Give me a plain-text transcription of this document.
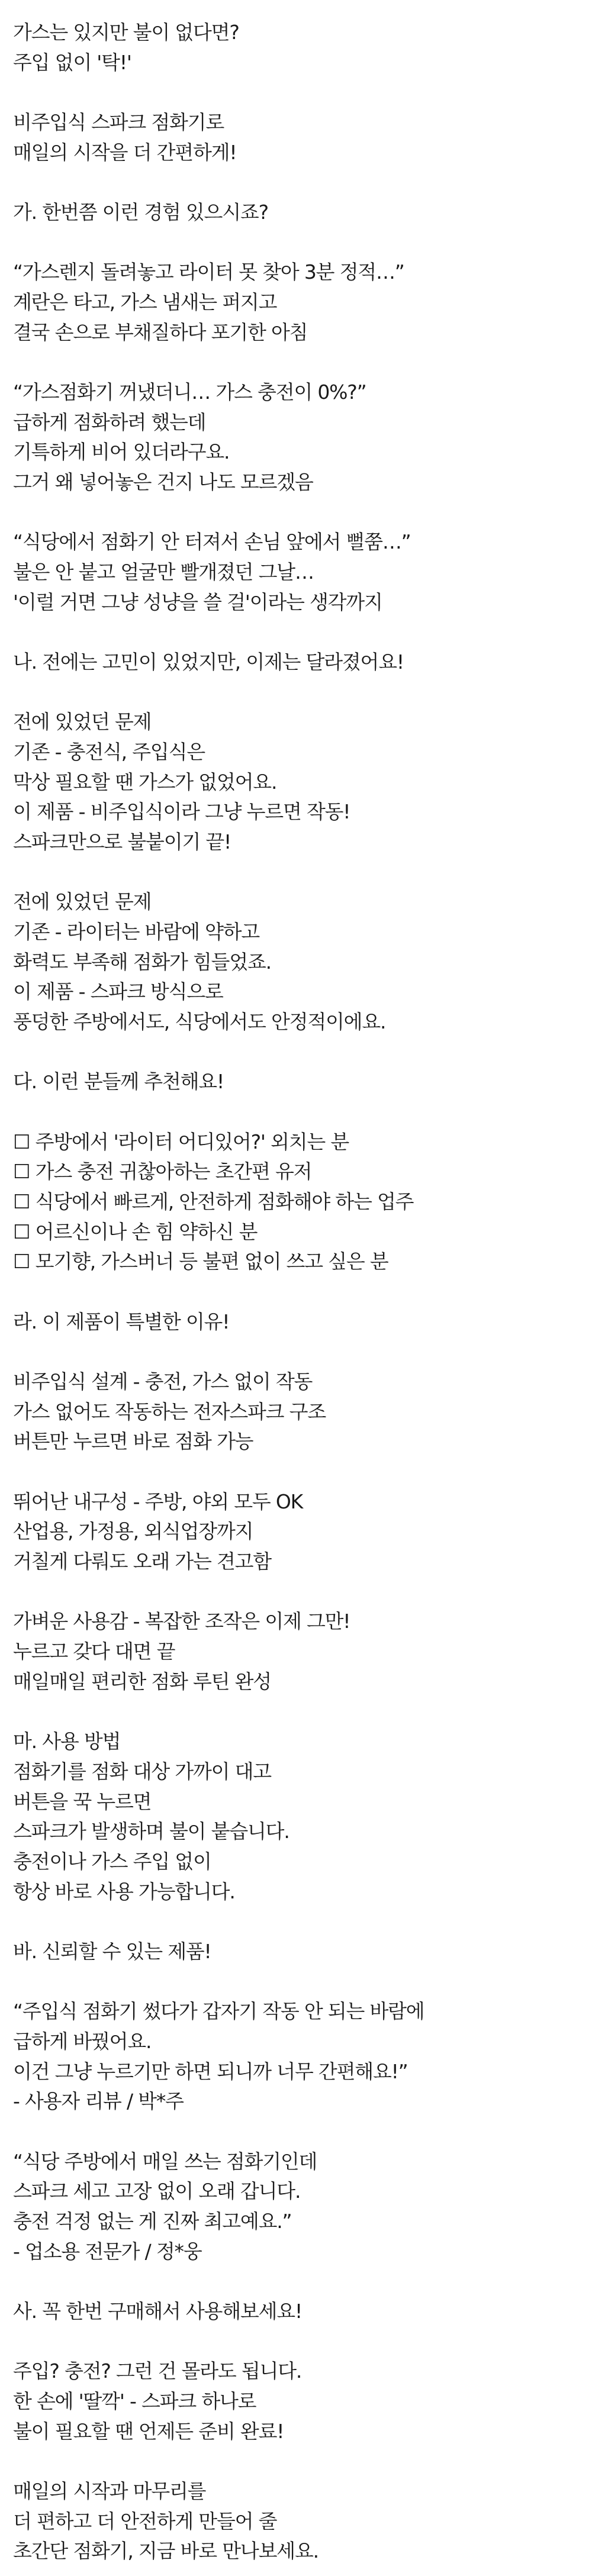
가스는 있지만 불이 없다면?
주입 없이 '탁!'
비주입식 스파크 점화기로
매일의 시작을 더 간편하게!
가. 한번쯤 이런 경험 있으시죠?
“가스렌지 돌려놓고 라이터 못 찾아 3분 정적…”
계란은 타고, 가스 냄새는 퍼지고
결국 손으로 부채질하다 포기한 아침
“가스점화기 꺼냈더니… 가스 충전이 0%?”
급하게 점화하려 했는데
기특하게 비어 있더라구요.
그거 왜 넣어놓은 건지 나도 모르겠음
“식당에서 점화기 안 터져서 손님 앞에서 뻘쭘…”
불은 안 붙고 얼굴만 빨개졌던 그날…
'이럴 거면 그냥 성냥을 쓸 걸'이라는 생각까지
나. 전에는 고민이 있었지만, 이제는 달라졌어요!
전에 있었던 문제
기존 - 충전식, 주입식은
막상 필요할 땐 가스가 없었어요.
이 제품 - 비주입식이라 그냥 누르면 작동!
스파크만으로 불붙이기 끝!
전에 있었던 문제
기존 - 라이터는 바람에 약하고
화력도 부족해 점화가 힘들었죠.
이 제품 - 스파크 방식으로
풍덩한 주방에서도, 식당에서도 안정적이에요.
다. 이런 분들께 추천해요!
☐ 주방에서 '라이터 어디있어?' 외치는 분
☐ 가스 충전 귀찮아하는 초간편 유저
☐ 식당에서 빠르게, 안전하게 점화해야 하는 업주
☐ 어르신이나 손 힘 약하신 분
☐ 모기향, 가스버너 등 불편 없이 쓰고 싶은 분
라. 이 제품이 특별한 이유!
비주입식 설계 - 충전, 가스 없이 작동
가스 없어도 작동하는 전자스파크 구조
버튼만 누르면 바로 점화 가능
뛰어난 내구성 - 주방, 야외 모두 OK
산업용, 가정용, 외식업장까지
거칠게 다뤄도 오래 가는 견고함
가벼운 사용감 - 복잡한 조작은 이제 그만!
누르고 갖다 대면 끝
매일매일 편리한 점화 루틴 완성
마. 사용 방법
점화기를 점화 대상 가까이 대고
버튼을 꾹 누르면
스파크가 발생하며 불이 붙습니다.
충전이나 가스 주입 없이
항상 바로 사용 가능합니다.
바. 신뢰할 수 있는 제품!
“주입식 점화기 썼다가 갑자기 작동 안 되는 바람에
급하게 바꿨어요.
이건 그냥 누르기만 하면 되니까 너무 간편해요!”
- 사용자 리뷰 / 박*주
“식당 주방에서 매일 쓰는 점화기인데
스파크 세고 고장 없이 오래 갑니다.
충전 걱정 없는 게 진짜 최고예요.”
- 업소용 전문가 / 정*웅
사. 꼭 한번 구매해서 사용해보세요!
주입? 충전? 그런 건 몰라도 됩니다.
한 손에 '딸깍' - 스파크 하나로
불이 필요할 땐 언제든 준비 완료!
매일의 시작과 마무리를
더 편하고 더 안전하게 만들어 줄
초간단 점화기, 지금 바로 만나보세요.
